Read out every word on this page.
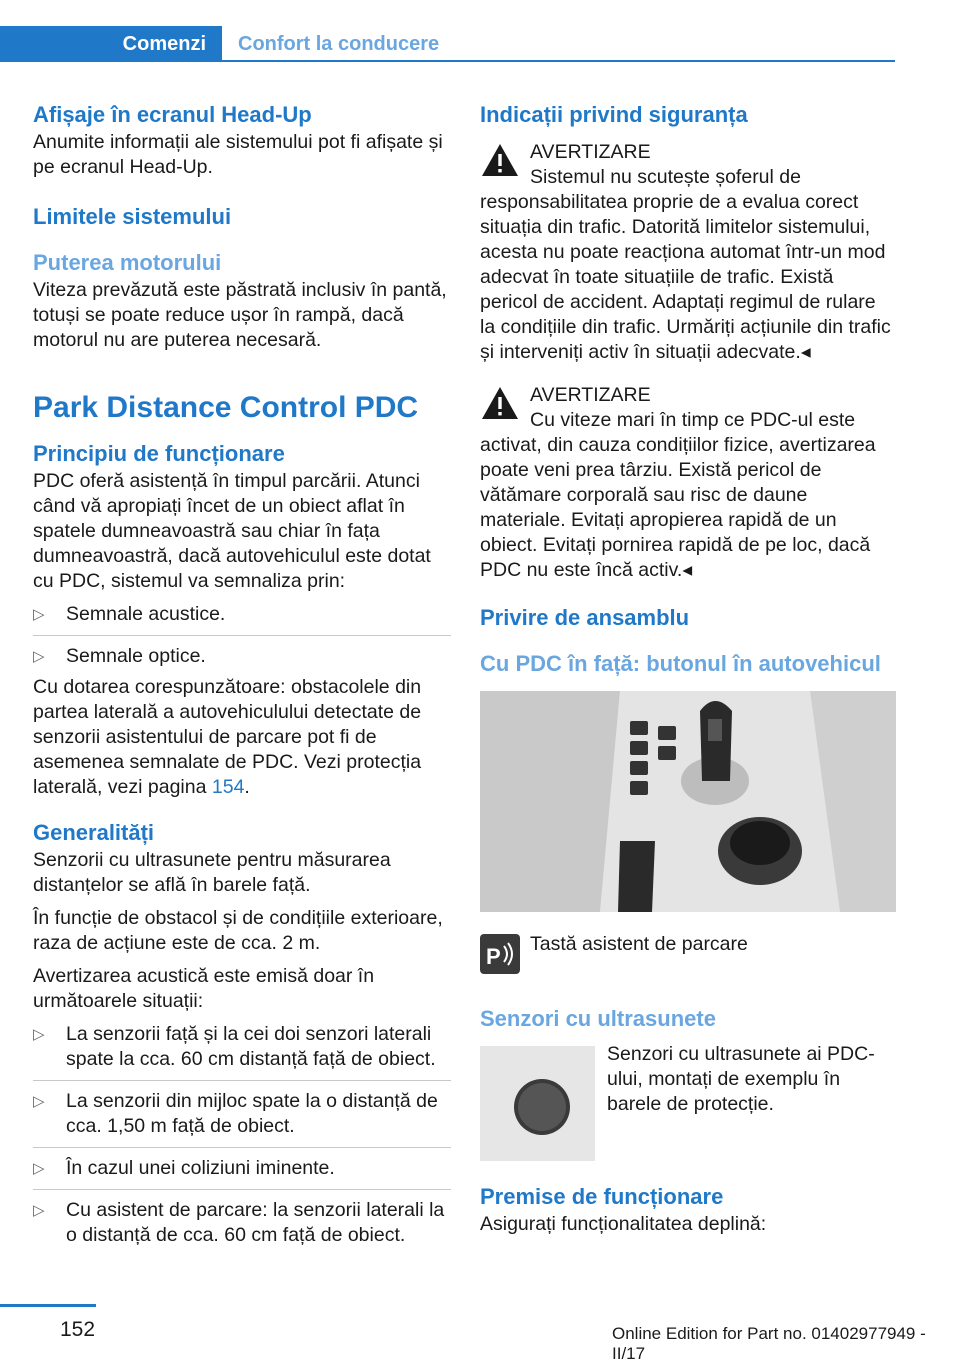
Comenzi	Confort la conducere
Afișaje în ecranul Head-Up

Anumite informații ale sistemului pot fi afișate și pe ecranul Head-Up.

Limitele sistemului
Puterea motorului

Viteza prevăzută este păstrată inclusiv în pantă, totuși se poate reduce ușor în rampă, dacă motorul nu are puterea necesară.

Park Distance Control PDC
Principiu de funcționare

PDC oferă asistență în timpul parcării. Atunci când vă apropiați încet de un obiect aflat în spatele dumneavoastră sau chiar în fața dumneavoastră, dacă autovehiculul este dotat cu PDC, sistemul va semnaliza prin:

▷ Semnale acustice.
▷ Semnale optice.

Cu dotarea corespunzătoare: obstacolele din partea laterală a autovehiculului detectate de senzorii asistentului de parcare pot fi de asemenea semnalate de PDC. Vezi protecția laterală, vezi pagina 154.

Generalități

Senzorii cu ultrasunete pentru măsurarea distanțelor se află în barele față.

În funcție de obstacol și de condițiile exterioare, raza de acțiune este de cca. 2 m.

Avertizarea acustică este emisă doar în următoarele situații:

▷ La senzorii față și la cei doi senzori laterali spate la cca. 60 cm distanță față de obiect.
▷ La senzorii din mijloc spate la o distanță de cca. 1,50 m față de obiect.
▷ În cazul unei coliziuni iminente.
▷ Cu asistent de parcare: la senzorii laterali la o distanță de cca. 60 cm față de obiect.
Indicații privind siguranța

AVERTIZARE

Sistemul nu scutește șoferul de responsabilitatea proprie de a evalua corect situația din trafic. Datorită limitelor sistemului, acesta nu poate reacționa automat într-un mod adecvat în toate situațiile de trafic. Există pericol de accident. Adaptați regimul de rulare la condițiile din trafic. Urmăriți acțiunile din trafic și interveniți activ în situații adecvate.◂

AVERTIZARE

Cu viteze mari în timp ce PDC-ul este activat, din cauza condițiilor fizice, avertizarea poate veni prea târziu. Există pericol de vătămare corporală sau risc de daune materiale. Evitați apropierea rapidă de un obiect. Evitați pornirea rapidă de pe loc, dacă PDC nu este încă activ.◂

Privire de ansamblu
Cu PDC în față: butonul în autovehicul
P Tastă asistent de parcare

Senzori cu ultrasunete

Senzori cu ultrasunete ai PDC-ului, montați de exemplu în barele de protecție.

Premise de funcționare

Asigurați funcționalitatea deplină:

152	Online Edition for Part no. 01402977949 - II/17
